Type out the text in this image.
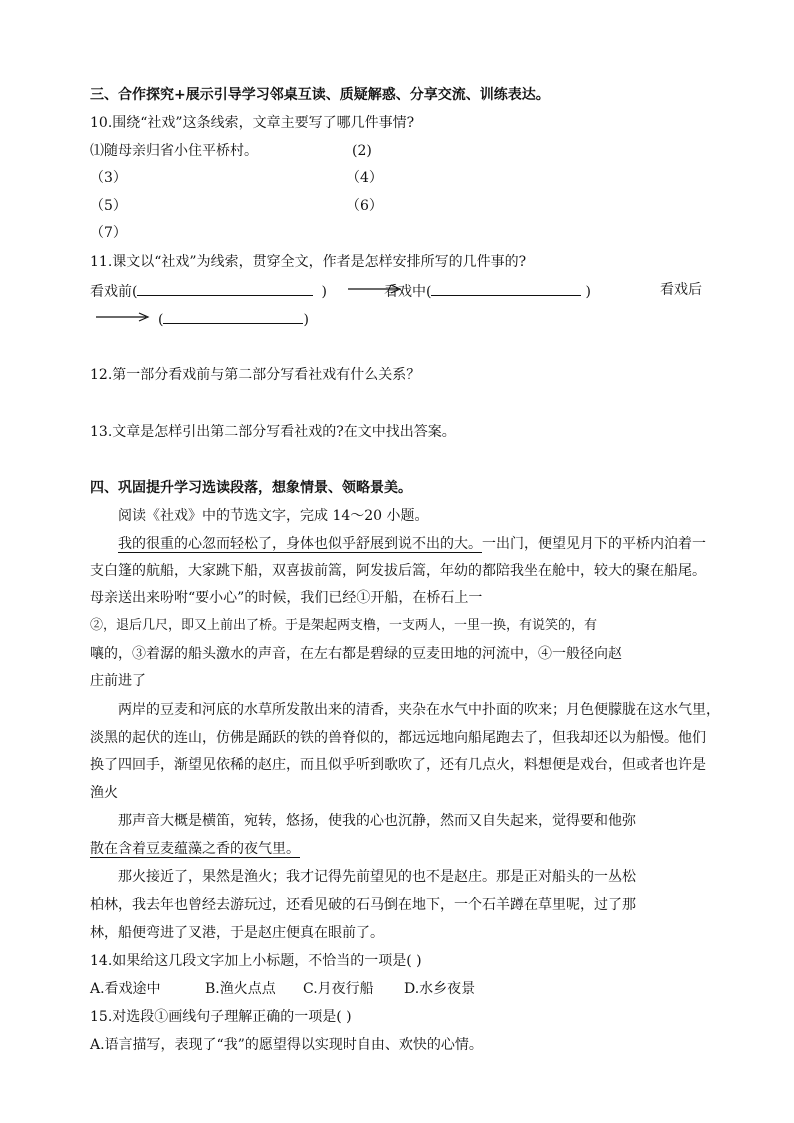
三、合作探究+展示引导学习邻桌互读、质疑解惑、分享交流、训练表达。
10.围绕“社戏”这条线索，文章主要写了哪几件事情?
⑴随母亲归省小住平桥村。	(2)
（3）	（4）
（5）	（6）
（7）
11.课文以“社戏”为线索，贯穿全文，作者是怎样安排所写的几件事的?
看戏前(	)	看戏中(	)	看戏后
(	)
12.第一部分看戏前与第二部分写看社戏有什么关系？
13.文章是怎样引出第二部分写看社戏的?在文中找出答案。
四、巩固提升学习选读段落，想象情景、领略景美。
阅读《社戏》中的节选文字，完成 14～20 小题。
我的很重的心忽而轻松了，身体也似乎舒展到说不出的大。一出门，便望见月下的平桥内泊着一
支白篷的航船，大家跳下船，双喜拔前篙，阿发拔后篙，年幼的都陪我坐在舱中，较大的聚在船尾。
母亲送出来吩咐“要小心”的时候，我们已经①开船，在桥石上一
②，退后几尺，即又上前出了桥。于是架起两支橹，一支两人，一里一换，有说笑的，有
嚷的，③着潺的船头激水的声音，在左右都是碧绿的豆麦田地的河流中，④一般径向赵
庄前进了
两岸的豆麦和河底的水草所发散出来的清香，夹杂在水气中扑面的吹来；月色便朦胧在这水气里，
淡黑的起伏的连山，仿佛是踊跃的铁的兽脊似的，都远远地向船尾跑去了，但我却还以为船慢。他们
换了四回手，渐望见依稀的赵庄，而且似乎听到歌吹了，还有几点火，料想便是戏台，但或者也许是
渔火
那声音大概是横笛，宛转，悠扬，使我的心也沉静，然而又自失起来，觉得要和他弥
散在含着豆麦蕴藻之香的夜气里。
那火接近了，果然是渔火；我才记得先前望见的也不是赵庄。那是正对船头的一丛松
柏林，我去年也曾经去游玩过，还看见破的石马倒在地下，一个石羊蹲在草里呢，过了那
林，船便弯进了叉港，于是赵庄便真在眼前了。
14.如果给这几段文字加上小标题，不恰当的一项是( )
A.看戏途中	B.渔火点点 C.月夜行船 D.水乡夜景
15.对选段①画线句子理解正确的一项是( )
A.语言描写，表现了“我”的愿望得以实现时自由、欢快的心情。
